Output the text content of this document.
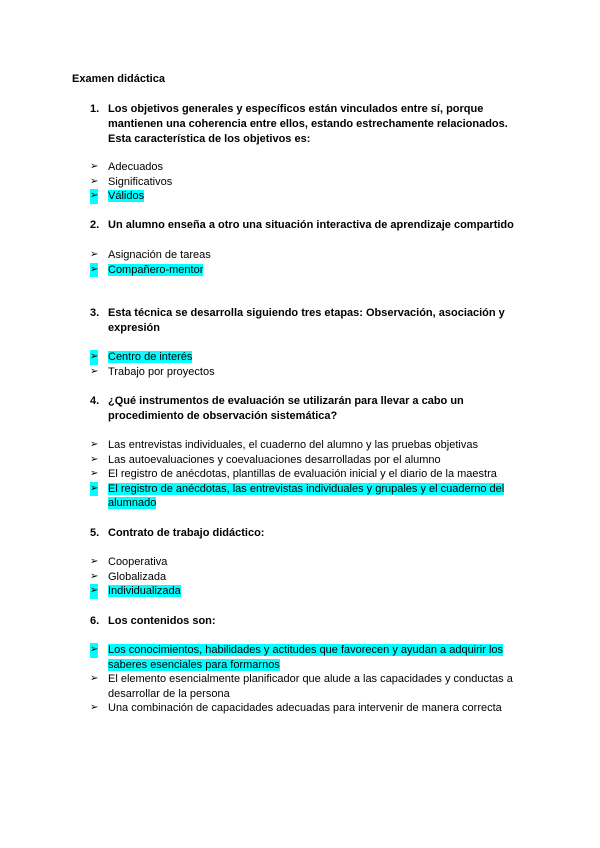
Examen didáctica
1. Los objetivos generales y específicos están vinculados entre sí, porque mantienen una coherencia entre ellos, estando estrechamente relacionados. Esta característica de los objetivos es:
➢ Adecuados
➢ Significativos
➢ Válidos
2. Un alumno enseña a otro una situación interactiva de aprendizaje compartido
➢ Asignación de tareas
➢ Compañero-mentor
3. Esta técnica se desarrolla siguiendo tres etapas: Observación, asociación y expresión
➢ Centro de interés
➢ Trabajo por proyectos
4. ¿Qué instrumentos de evaluación se utilizarán para llevar a cabo un procedimiento de observación sistemática?
➢ Las entrevistas individuales, el cuaderno del alumno y las pruebas objetivas
➢ Las autoevaluaciones y coevaluaciones desarrolladas por el alumno
➢ El registro de anécdotas, plantillas de evaluación inicial y el diario de la maestra
➢ El registro de anécdotas, las entrevistas individuales y grupales y el cuaderno del alumnado
5. Contrato de trabajo didáctico:
➢ Cooperativa
➢ Globalizada
➢ Individualizada
6. Los contenidos son:
➢ Los conocimientos, habilidades y actitudes que favorecen y ayudan a adquirir los saberes esenciales para formarnos
➢ El elemento esencialmente planificador que alude a las capacidades y conductas a desarrollar de la persona
➢ Una combinación de capacidades adecuadas para intervenir de manera correcta
